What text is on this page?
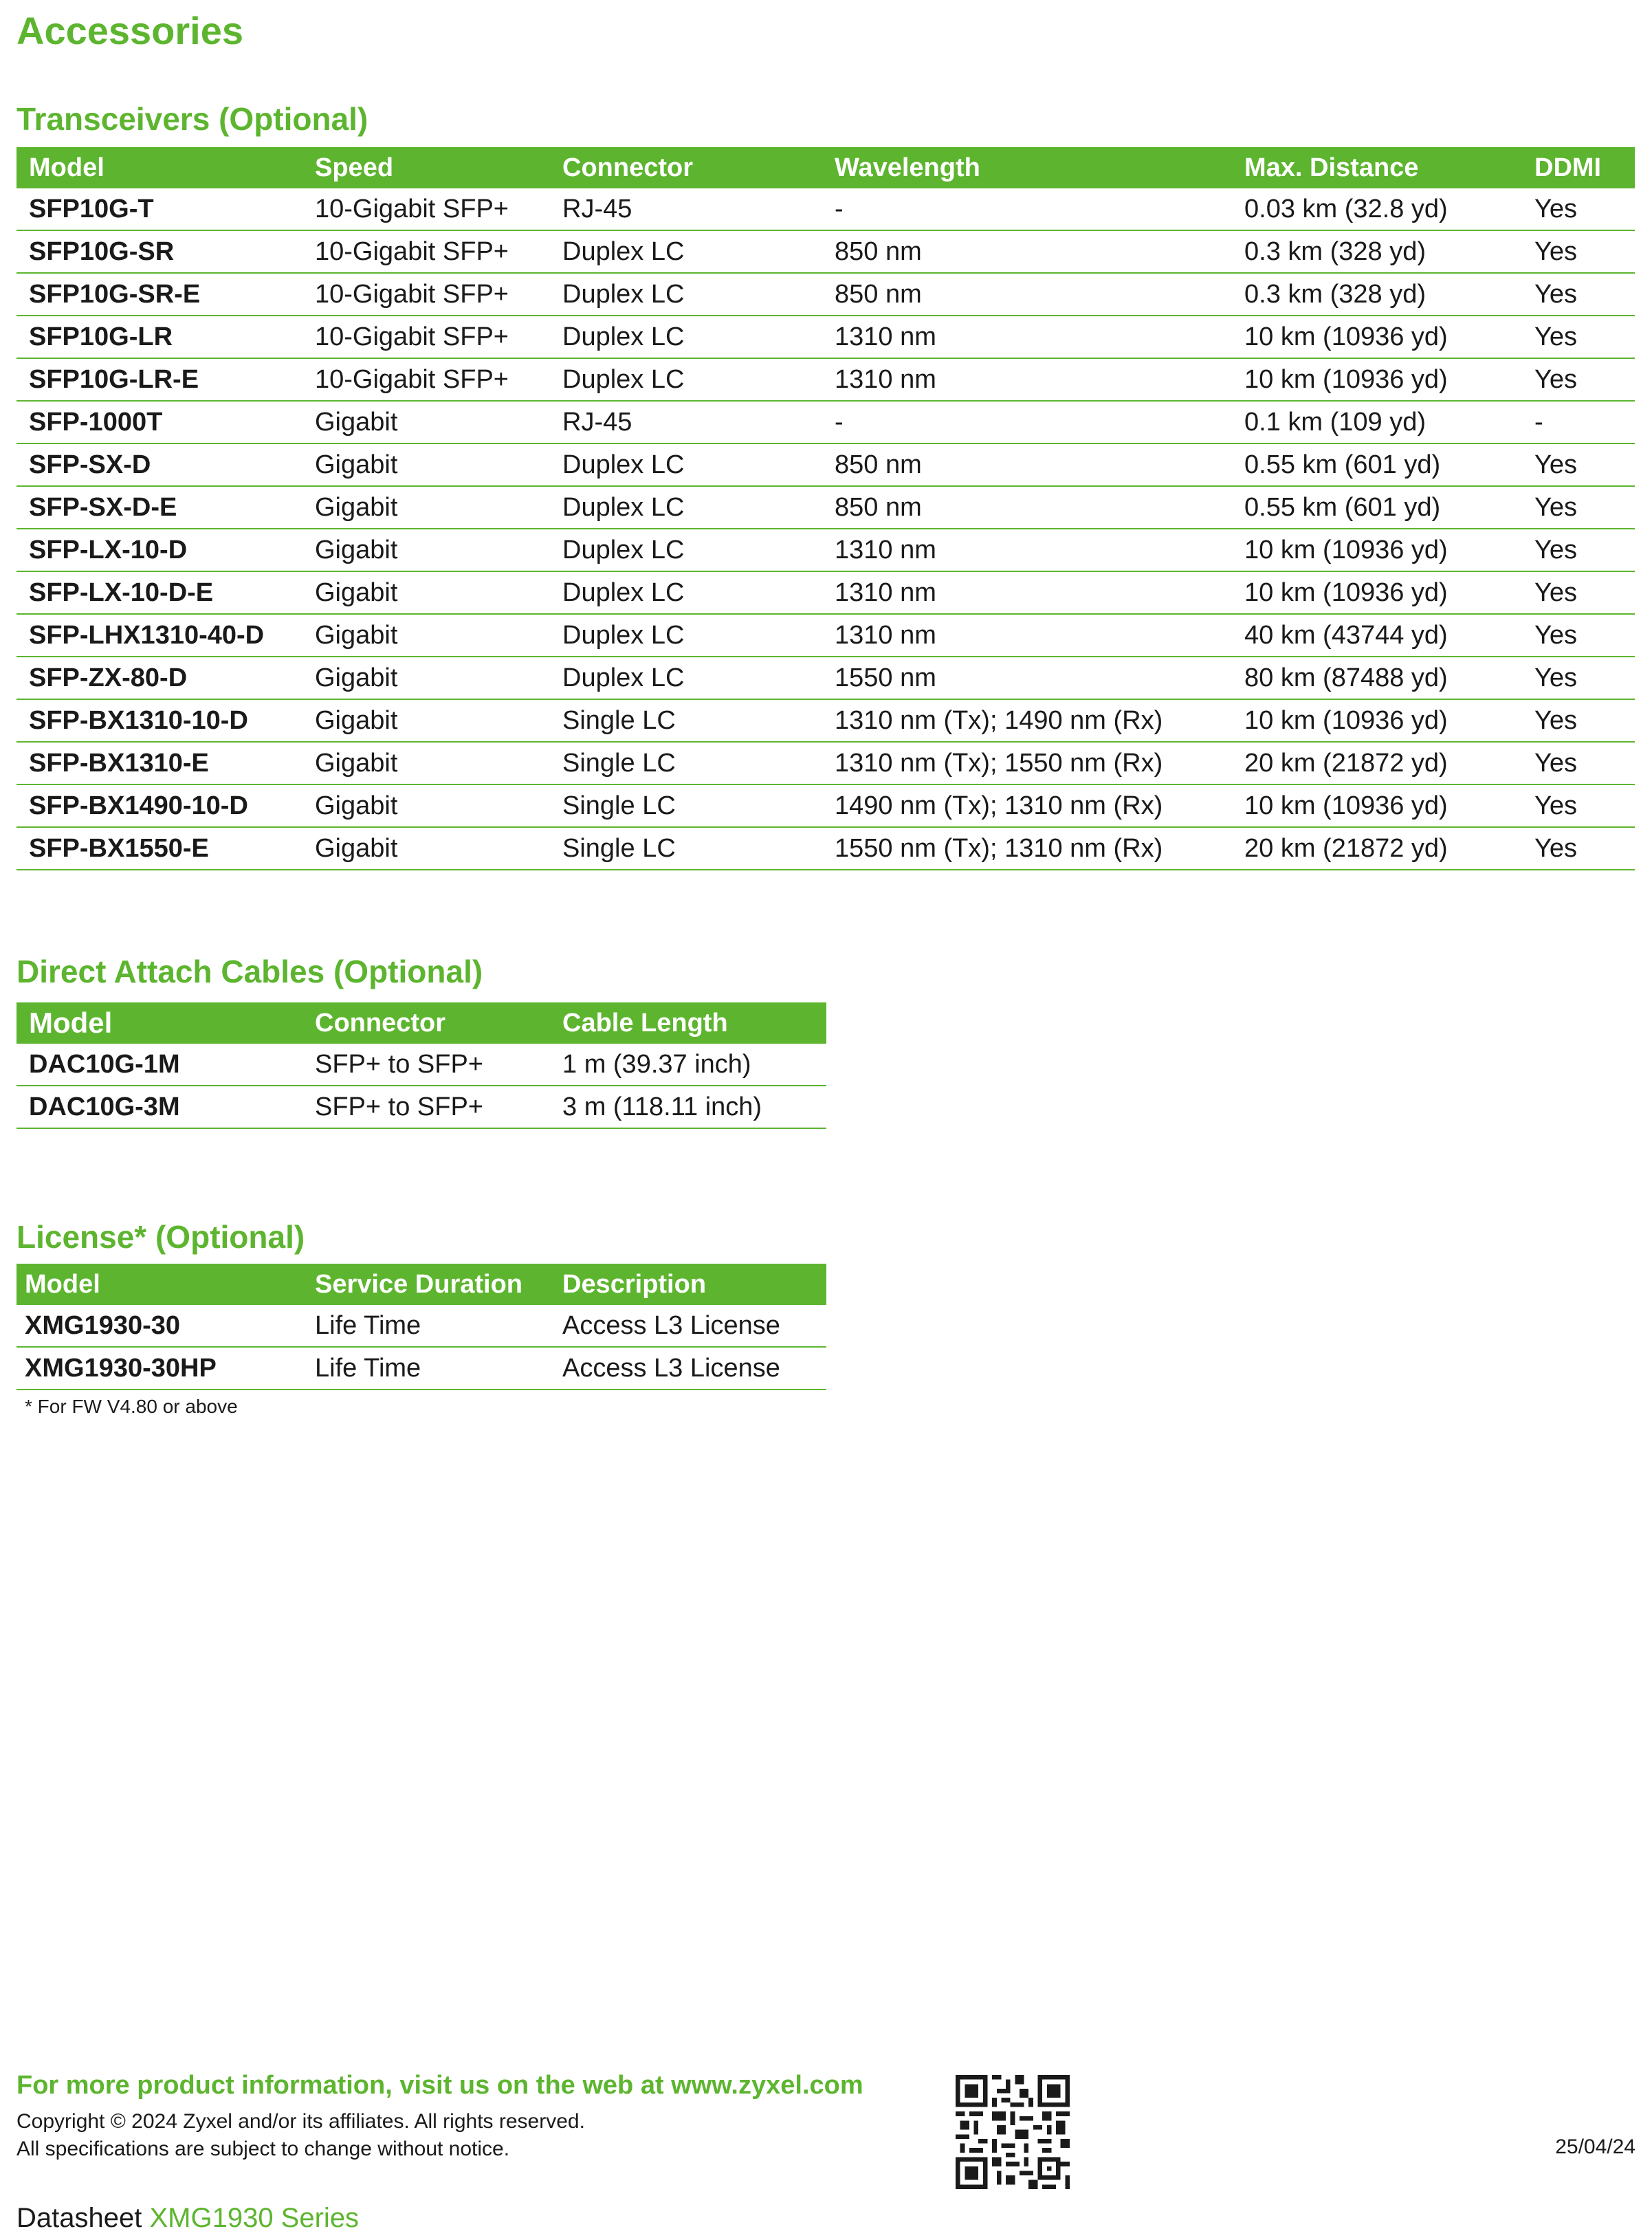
Accessories
Transceivers (Optional)
Model	Speed	Connector	Wavelength	Max. Distance	DDMI
SFP10G-T	10-Gigabit SFP+	RJ-45	-	0.03 km (32.8 yd)	Yes
SFP10G-SR	10-Gigabit SFP+	Duplex LC	850 nm	0.3 km (328 yd)	Yes
SFP10G-SR-E	10-Gigabit SFP+	Duplex LC	850 nm	0.3 km (328 yd)	Yes
SFP10G-LR	10-Gigabit SFP+	Duplex LC	1310 nm	10 km (10936 yd)	Yes
SFP10G-LR-E	10-Gigabit SFP+	Duplex LC	1310 nm	10 km (10936 yd)	Yes
SFP-1000T	Gigabit	RJ-45	-	0.1 km (109 yd)	-
SFP-SX-D	Gigabit	Duplex LC	850 nm	0.55 km (601 yd)	Yes
SFP-SX-D-E	Gigabit	Duplex LC	850 nm	0.55 km (601 yd)	Yes
SFP-LX-10-D	Gigabit	Duplex LC	1310 nm	10 km (10936 yd)	Yes
SFP-LX-10-D-E	Gigabit	Duplex LC	1310 nm	10 km (10936 yd)	Yes
SFP-LHX1310-40-D	Gigabit	Duplex LC	1310 nm	40 km (43744 yd)	Yes
SFP-ZX-80-D	Gigabit	Duplex LC	1550 nm	80 km (87488 yd)	Yes
SFP-BX1310-10-D	Gigabit	Single LC	1310 nm (Tx); 1490 nm (Rx)	10 km (10936 yd)	Yes
SFP-BX1310-E	Gigabit	Single LC	1310 nm (Tx); 1550 nm (Rx)	20 km (21872 yd)	Yes
SFP-BX1490-10-D	Gigabit	Single LC	1490 nm (Tx); 1310 nm (Rx)	10 km (10936 yd)	Yes
SFP-BX1550-E	Gigabit	Single LC	1550 nm (Tx); 1310 nm (Rx)	20 km (21872 yd)	Yes
Direct Attach Cables (Optional)
Model	Connector	Cable Length
DAC10G-1M	SFP+ to SFP+	1 m (39.37 inch)
DAC10G-3M	SFP+ to SFP+	3 m (118.11 inch)
License* (Optional)
Model	Service Duration	Description
XMG1930-30	Life Time	Access L3 License
XMG1930-30HP	Life Time	Access L3 License
* For FW V4.80 or above
For more product information, visit us on the web at www.zyxel.com
Copyright © 2024 Zyxel and/or its affiliates. All rights reserved.
All specifications are subject to change without notice.	25/04/24
Datasheet XMG1930 Series
